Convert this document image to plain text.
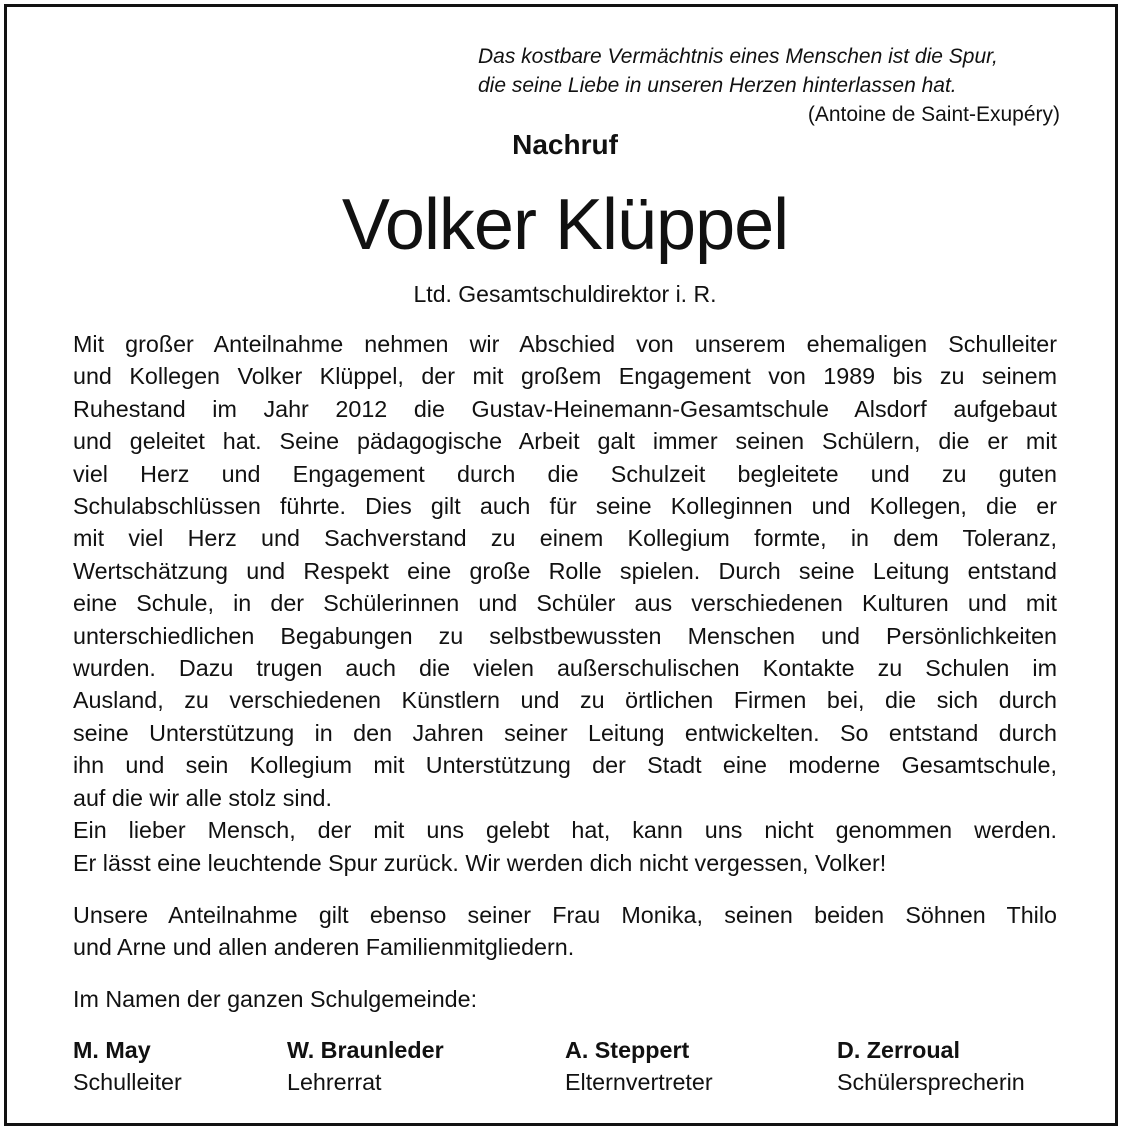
Das kostbare Vermächtnis eines Menschen ist die Spur,
die seine Liebe in unseren Herzen hinterlassen hat.
(Antoine de Saint-Exupéry)
Nachruf
Volker Klüppel
Ltd. Gesamtschuldirektor i. R.
Mit großer Anteilnahme nehmen wir Abschied von unserem ehemaligen Schulleiter
und Kollegen Volker Klüppel, der mit großem Engagement von 1989 bis zu seinem
Ruhestand im Jahr 2012 die Gustav-Heinemann-Gesamtschule Alsdorf aufgebaut
und geleitet hat. Seine pädagogische Arbeit galt immer seinen Schülern, die er mit
viel Herz und Engagement durch die Schulzeit begleitete und zu guten
Schulabschlüssen führte. Dies gilt auch für seine Kolleginnen und Kollegen, die er
mit viel Herz und Sachverstand zu einem Kollegium formte, in dem Toleranz,
Wertschätzung und Respekt eine große Rolle spielen. Durch seine Leitung entstand
eine Schule, in der Schülerinnen und Schüler aus verschiedenen Kulturen und mit
unterschiedlichen Begabungen zu selbstbewussten Menschen und Persönlichkeiten
wurden. Dazu trugen auch die vielen außerschulischen Kontakte zu Schulen im
Ausland, zu verschiedenen Künstlern und zu örtlichen Firmen bei, die sich durch
seine Unterstützung in den Jahren seiner Leitung entwickelten. So entstand durch
ihn und sein Kollegium mit Unterstützung der Stadt eine moderne Gesamtschule,
auf die wir alle stolz sind.
Ein lieber Mensch, der mit uns gelebt hat, kann uns nicht genommen werden.
Er lässt eine leuchtende Spur zurück. Wir werden dich nicht vergessen, Volker!
Unsere Anteilnahme gilt ebenso seiner Frau Monika, seinen beiden Söhnen Thilo
und Arne und allen anderen Familienmitgliedern.
Im Namen der ganzen Schulgemeinde:
M. May
Schulleiter
W. Braunleder
Lehrerrat
A. Steppert
Elternvertreter
D. Zerroual
Schülersprecherin
